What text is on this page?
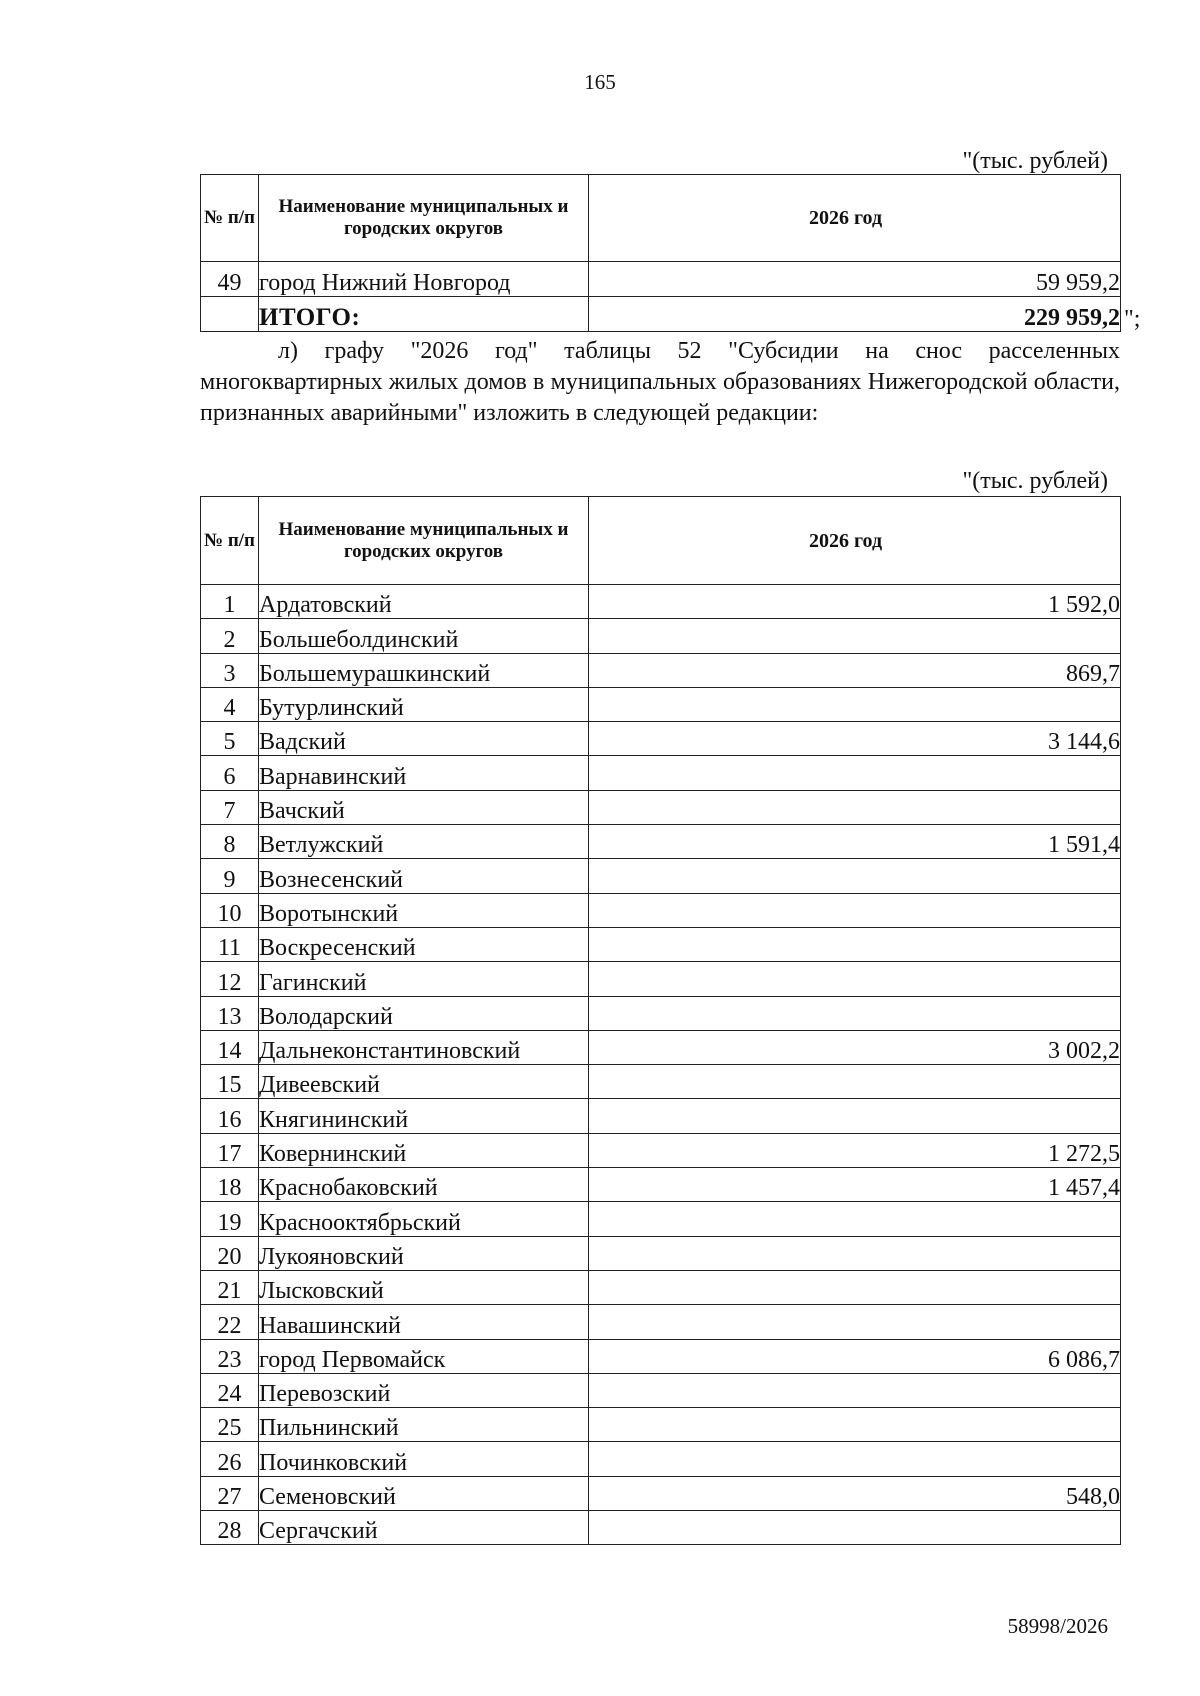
165
"(тыс. рублей)
№ п/п	Наименование муниципальных и городских округов	2026 год
49	город Нижний Новгород	59 959,2
	ИТОГО:	229 959,2 ";

л) графу "2026 год" таблицы 52 "Субсидии на снос расселенных многоквартирных жилых домов в муниципальных образованиях Нижегородской области, признанных аварийными" изложить в следующей редакции:

"(тыс. рублей)
№ п/п	Наименование муниципальных и городских округов	2026 год
1	Ардатовский	1 592,0
2	Большеболдинский	
3	Большемурашкинский	869,7
4	Бутурлинский	
5	Вадский	3 144,6
6	Варнавинский	
7	Вачский	
8	Ветлужский	1 591,4
9	Вознесенский	
10	Воротынский	
11	Воскресенский	
12	Гагинский	
13	Володарский	
14	Дальнеконстантиновский	3 002,2
15	Дивеевский	
16	Княгининский	
17	Ковернинский	1 272,5
18	Краснобаковский	1 457,4
19	Краснооктябрьский	
20	Лукояновский	
21	Лысковский	
22	Навашинский	
23	город Первомайск	6 086,7
24	Перевозский	
25	Пильнинский	
26	Починковский	
27	Семеновский	548,0
28	Сергачский	
58998/2026
